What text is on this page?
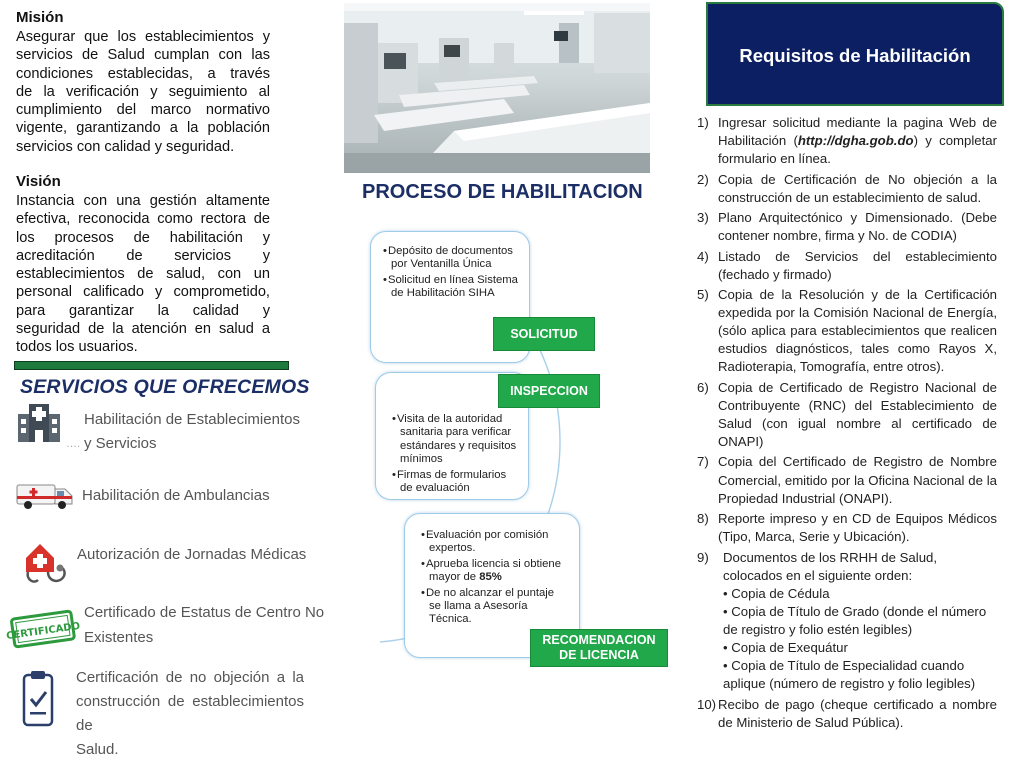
Misión
Asegurar que los establecimientos y
servicios de Salud cumplan con las
condiciones establecidas, a través
de la verificación y seguimiento al
cumplimiento del marco normativo
vigente, garantizando a la población
servicios con calidad y seguridad.
Visión
Instancia con una gestión altamente
efectiva, reconocida como rectora de
los procesos de habilitación y
acreditación de servicios y
establecimientos de salud, con un
personal calificado y comprometido,
para garantizar la calidad y
seguridad de la atención en salud a
todos los usuarios.
SERVICIOS QUE OFRECEMOS
Habilitación de Establecimientos
…. y Servicios
Habilitación de Ambulancias
Autorización de Jornadas Médicas
CERTIFICADO
Certificado de Estatus de Centro No
Existentes
Certificación de no objeción a la
construcción de establecimientos de
Salud.
PROCESO DE HABILITACION
• Depósito de documentos por Ventanilla Única
• Solicitud en línea Sistema de Habilitación SIHA
SOLICITUD
• Visita de la autoridad sanitaria para verificar estándares y requisitos mínimos
• Firmas de formularios de evaluación
INSPECCION
• Evaluación por comisión expertos.
• Aprueba licencia si obtiene mayor de 85%
• De no alcanzar el puntaje se llama a Asesoría Técnica.
RECOMENDACION
DE LICENCIA
Requisitos de Habilitación
1) Ingresar solicitud mediante la pagina Web de Habilitación (http://dgha.gob.do) y completar formulario en línea.
2) Copia de Certificación de No objeción a la construcción de un establecimiento de salud.
3) Plano Arquitectónico y Dimensionado. (Debe contener nombre, firma y No. de CODIA)
4) Listado de Servicios del establecimiento (fechado y firmado)
5) Copia de la Resolución y de la Certificación expedida por la Comisión Nacional de Energía, (sólo aplica para establecimientos que realicen estudios diagnósticos, tales como Rayos X, Radioterapia, Tomografía, entre otros).
6) Copia de Certificado de Registro Nacional de Contribuyente (RNC) del Establecimiento de Salud (con igual nombre al certificado de ONAPI)
7) Copia del Certificado de Registro de Nombre Comercial, emitido por la Oficina Nacional de la Propiedad Industrial (ONAPI).
8) Reporte impreso y en CD de Equipos Médicos (Tipo, Marca, Serie y Ubicación).
9)	Documentos de los RRHH de Salud, colocados en el siguiente orden:
• Copia de Cédula
• Copia de Título de Grado (donde el número de registro y folio estén legibles)
• Copia de Exequátur
• Copia de Título de Especialidad cuando aplique (número de registro y folio legibles)
10) Recibo de pago (cheque certificado a nombre de Ministerio de Salud Pública).
